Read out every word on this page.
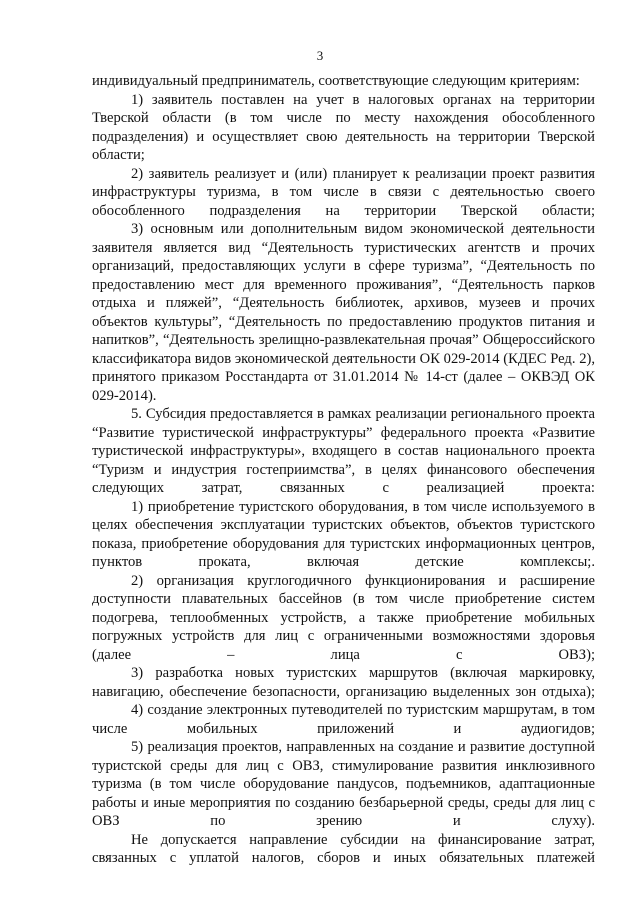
3

индивидуальный предприниматель, соответствующие следующим критериям:

1) заявитель поставлен на учет в налоговых органах на территории Тверской области (в том числе по месту нахождения обособленного подразделения) и осуществляет свою деятельность на территории Тверской области;

2) заявитель реализует и (или) планирует к реализации проект развития инфраструктуры туризма, в том числе в связи с деятельностью своего обособленного подразделения на территории Тверской области;

3) основным или дополнительным видом экономической деятельности заявителя является вид “Деятельность туристических агентств и прочих организаций, предоставляющих услуги в сфере туризма”, “Деятельность по предоставлению мест для временного проживания”, “Деятельность парков отдыха и пляжей”, “Деятельность библиотек, архивов, музеев и прочих объектов культуры”, “Деятельность по предоставлению продуктов питания и напитков”, “Деятельность зрелищно-развлекательная прочая” Общероссийского классификатора видов экономической деятельности ОК 029-2014 (КДЕС Ред. 2), принятого приказом Росстандарта от 31.01.2014 № 14-ст (далее – ОКВЭД ОК 029-2014).

5. Субсидия предоставляется в рамках реализации регионального проекта “Развитие туристической инфраструктуры” федерального проекта «Развитие туристической инфраструктуры», входящего в состав национального проекта “Туризм и индустрия гостеприимства”, в целях финансового обеспечения следующих затрат, связанных с реализацией проекта:

1) приобретение туристского оборудования, в том числе используемого в целях обеспечения эксплуатации туристских объектов, объектов туристского показа, приобретение оборудования для туристских информационных центров, пунктов проката, включая детские комплексы;.

2) организация круглогодичного функционирования и расширение доступности плавательных бассейнов (в том числе приобретение систем подогрева, теплообменных устройств, а также приобретение мобильных погружных устройств для лиц с ограниченными возможностями здоровья (далее – лица с ОВЗ);

3) разработка новых туристских маршрутов (включая маркировку, навигацию, обеспечение безопасности, организацию выделенных зон отдыха);

4) создание электронных путеводителей по туристским маршрутам, в том числе мобильных приложений и аудиогидов;

5) реализация проектов, направленных на создание и развитие доступной туристской среды для лиц с ОВЗ, стимулирование развития инклюзивного туризма (в том числе оборудование пандусов, подъемников, адаптационные работы и иные мероприятия по созданию безбарьерной среды, среды для лиц с ОВЗ по зрению и слуху).

Не допускается направление субсидии на финансирование затрат, связанных с уплатой налогов, сборов и иных обязательных платежей
